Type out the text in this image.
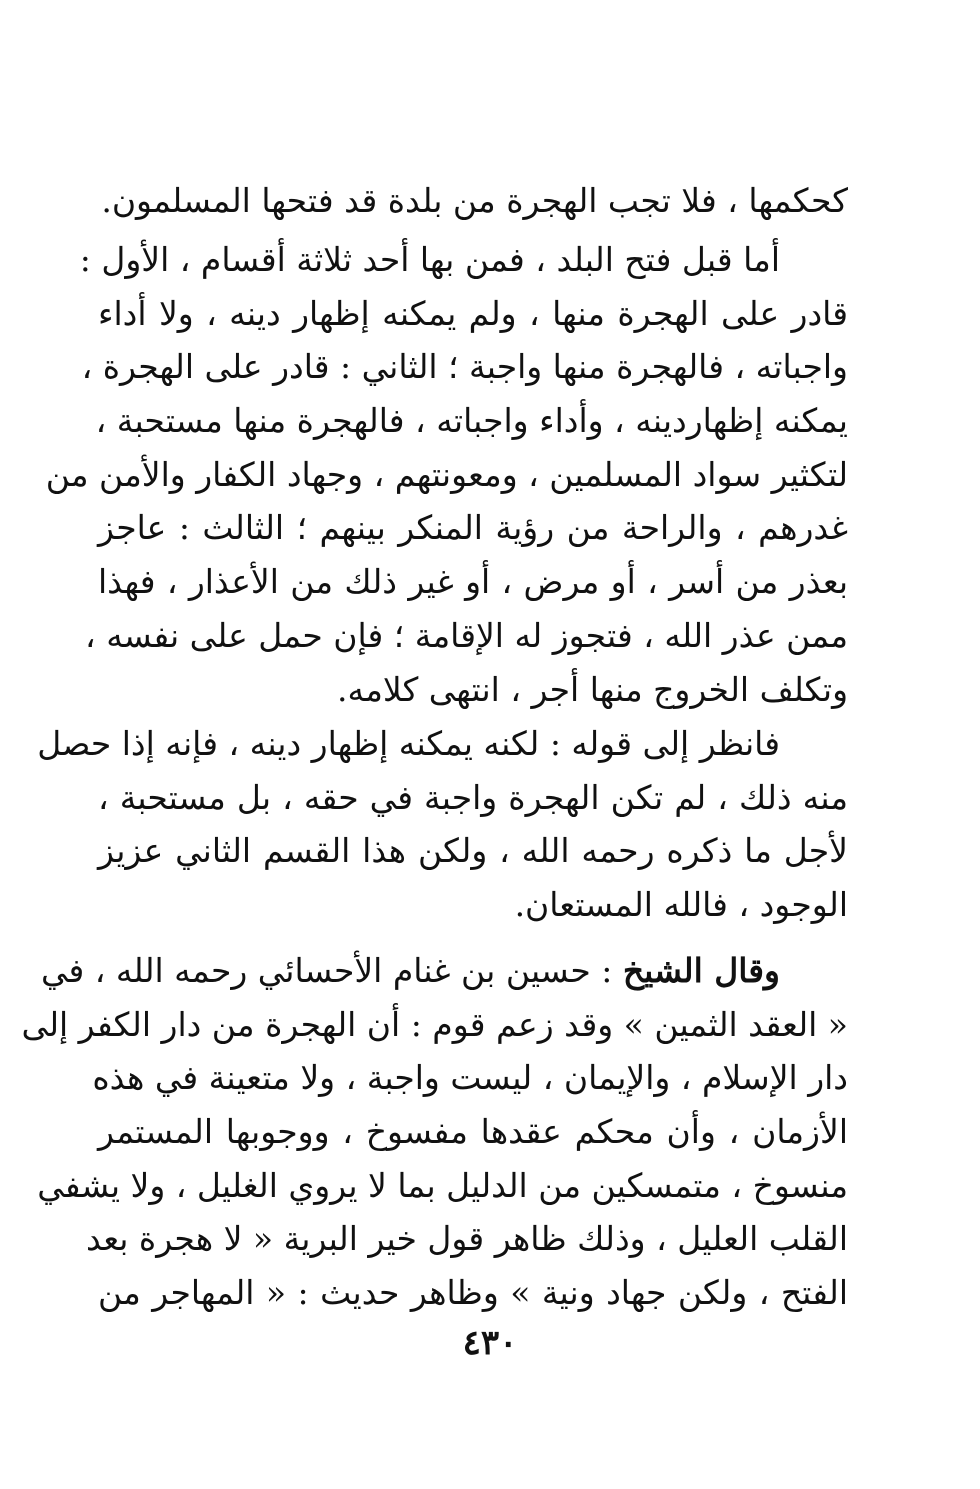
كحكمها ، فلا تجب الهجرة من بلدة قد فتحها المسلمون.
أما قبل فتح البلد ، فمن بها أحد ثلاثة أقسام ، الأول :
قادر على الهجرة منها ، ولم يمكنه إظهار دينه ، ولا أداء
واجباته ، فالهجرة منها واجبة ؛ الثاني : قادر على الهجرة ،
يمكنه إظهاردينه ، وأداء واجباته ، فالهجرة منها مستحبة ،
لتكثير سواد المسلمين ، ومعونتهم ، وجهاد الكفار والأمن من
غدرهم ، والراحة من رؤية المنكر بينهم ؛ الثالث : عاجز
بعذر من أسر ، أو مرض ، أو غير ذلك من الأعذار ، فهذا
ممن عذر الله ، فتجوز له الإقامة ؛ فإن حمل على نفسه ،
وتكلف الخروج منها أجر ، انتهى كلامه.
فانظر إلى قوله : لكنه يمكنه إظهار دينه ، فإنه إذا حصل
منه ذلك ، لم تكن الهجرة واجبة في حقه ، بل مستحبة ،
لأجل ما ذكره رحمه الله ، ولكن هذا القسم الثاني عزيز
الوجود ، فالله المستعان.
وقال الشيخ : حسين بن غنام الأحسائي رحمه الله ، في
« العقد الثمين » وقد زعم قوم : أن الهجرة من دار الكفر إلى
دار الإسلام ، والإيمان ، ليست واجبة ، ولا متعينة في هذه
الأزمان ، وأن محكم عقدها مفسوخ ، ووجوبها المستمر
منسوخ ، متمسكين من الدليل بما لا يروي الغليل ، ولا يشفي
القلب العليل ، وذلك ظاهر قول خير البرية « لا هجرة بعد
الفتح ، ولكن جهاد ونية » وظاهر حديث : « المهاجر من
٤٣٠
